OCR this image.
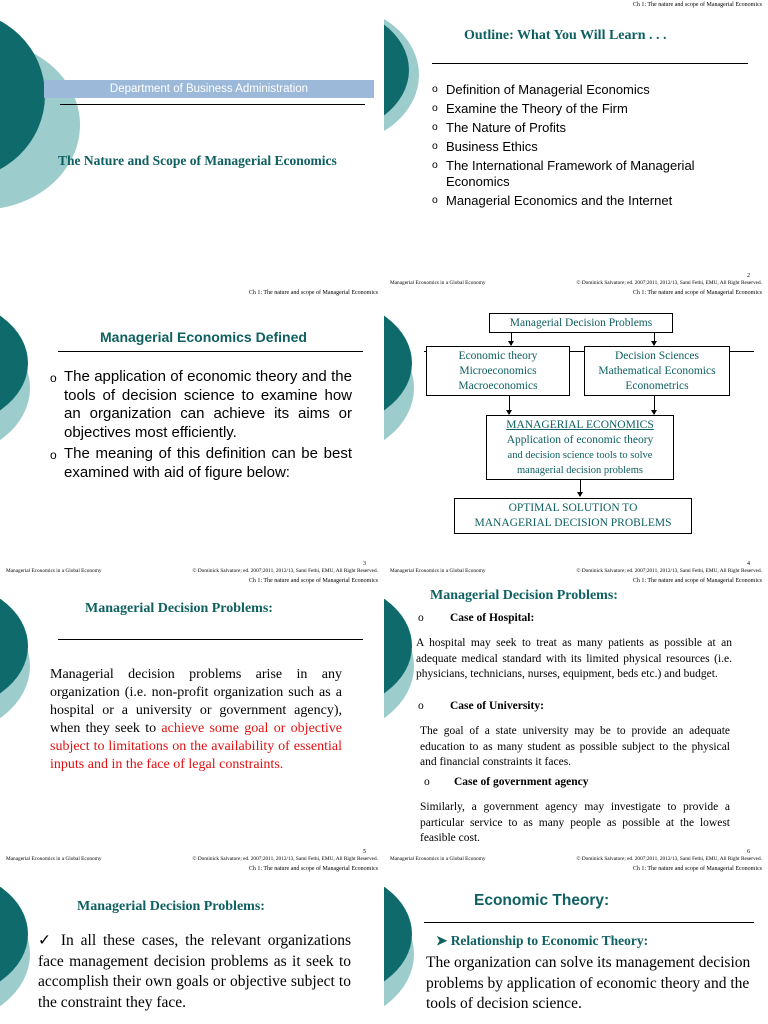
Department of Business Administration
The Nature and Scope of Managerial Economics
Ch 1: The nature and scope of Managerial Economics
Outline: What You Will Learn . . .
o Definition of Managerial Economics
o Examine the Theory of the Firm
o The Nature of Profits
o Business Ethics
o The International Framework of Managerial Economics
o Managerial Economics and the Internet
2
Managerial Economics in a Global Economy	© Dominick Salvatore; ed. 2007;2011, 2012/13, Sami Fethi, EMU, All Right Reserved.
Ch 1: The nature and scope of Managerial Economics
Managerial Economics Defined
o The application of economic theory and the tools of decision science to examine how an organization can achieve its aims or objectives most efficiently.
o The meaning of this definition can be best examined with aid of figure below:
3
Managerial Economics in a Global Economy	© Dominick Salvatore; ed. 2007;2011, 2012/13, Sami Fethi, EMU, All Right Reserved.
Ch 1: The nature and scope of Managerial Economics
Managerial Decision Problems
Economic theory
Microeconomics
Macroeconomics
Decision Sciences
Mathematical Economics
Econometrics
MANAGERIAL ECONOMICS
Application of economic theory
and decision science tools to solve
managerial decision problems
OPTIMAL SOLUTION TO
MANAGERIAL DECISION PROBLEMS
4
Managerial Economics in a Global Economy	© Dominick Salvatore; ed. 2007;2011, 2012/13, Sami Fethi, EMU, All Right Reserved.
Ch 1: The nature and scope of Managerial Economics
Managerial Decision Problems:
Managerial decision problems arise in any organization (i.e. non-profit organization such as a hospital or a university or government agency), when they seek to achieve some goal or objective subject to limitations on the availability of essential inputs and in the face of legal constraints.
5
Managerial Economics in a Global Economy	© Dominick Salvatore; ed. 2007;2011, 2012/13, Sami Fethi, EMU, All Right Reserved.
Ch 1: The nature and scope of Managerial Economics
Managerial Decision Problems:
o Case of Hospital:
A hospital may seek to treat as many patients as possible at an adequate medical standard with its limited physical resources (i.e. physicians, technicians, nurses, equipment, beds etc.) and budget.
o Case of University:
The goal of a state university may be to provide an adequate education to as many student as possible subject to the physical and financial constraints it faces.
o Case of government agency
Similarly, a government agency may investigate to provide a particular service to as many people as possible at the lowest feasible cost.
6
Managerial Economics in a Global Economy	© Dominick Salvatore; ed. 2007;2011, 2012/13, Sami Fethi, EMU, All Right Reserved.
Ch 1: The nature and scope of Managerial Economics
Managerial Decision Problems:
✓ In all these cases, the relevant organizations face management decision problems as it seek to accomplish their own goals or objective subject to the constraint they face.
Ch 1: The nature and scope of Managerial Economics
Economic Theory:
➤ Relationship to Economic Theory:
The organization can solve its management decision problems by application of economic theory and the tools of decision science.
